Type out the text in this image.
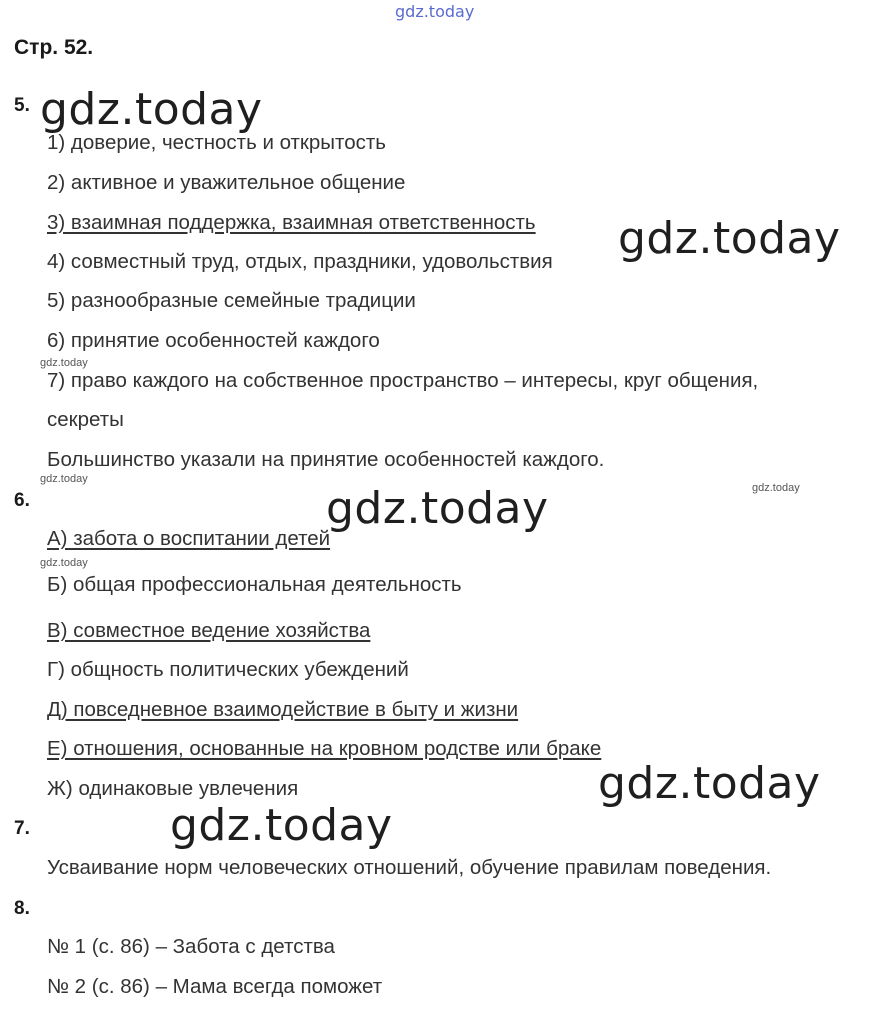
gdz.today
Стр. 52.
5. gdz.today
1) доверие, честность и открытость
2) активное и уважительное общение
3) взаимная поддержка, взаимная ответственность gdz.today
4) совместный труд, отдых, праздники, удовольствия
5) разнообразные семейные традиции
6) принятие особенностей каждого
gdz.today
7) право каждого на собственное пространство – интересы, круг общения,
секреты
Большинство указали на принятие особенностей каждого.
gdz.today
gdz.today
6.	gdz.today
А) забота о воспитании детей
gdz.today
Б) общая профессиональная деятельность
В) совместное ведение хозяйства
Г) общность политических убеждений
Д) повседневное взаимодействие в быту и жизни
Е) отношения, основанные на кровном родстве или браке
Ж) одинаковые увлечения	gdz.today
7.	gdz.today
Усваивание норм человеческих отношений, обучение правилам поведения.
8.
№ 1 (с. 86) – Забота с детства
№ 2 (с. 86) – Мама всегда поможет
